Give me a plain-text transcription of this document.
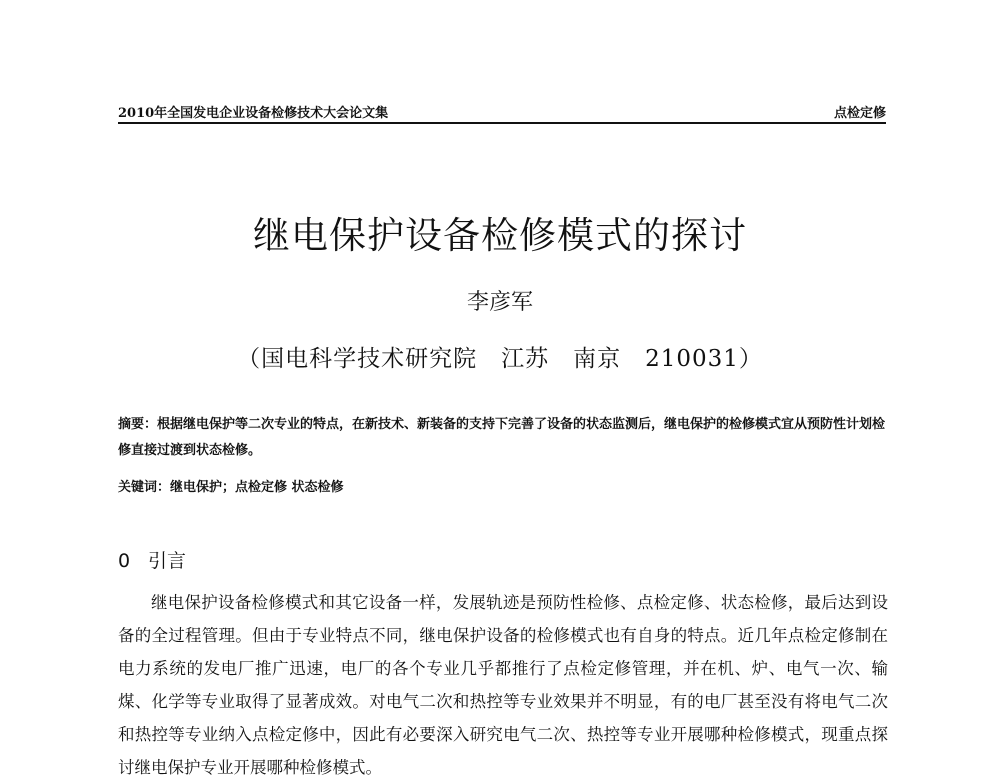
2010年全国发电企业设备检修技术大会论文集	点检定修
继电保护设备检修模式的探讨
李彦军
（国电科学技术研究院　江苏　南京　210031）
摘要：根据继电保护等二次专业的特点，在新技术、新装备的支持下完善了设备的状态监测后，继电保护的检修模式宜从预防性计划检修直接过渡到状态检修。
关键词：继电保护；点检定修 状态检修
0 引言
继电保护设备检修模式和其它设备一样，发展轨迹是预防性检修、点检定修、状态检修，最后达到设备的全过程管理。但由于专业特点不同，继电保护设备的检修模式也有自身的特点。近几年点检定修制在电力系统的发电厂推广迅速，电厂的各个专业几乎都推行了点检定修管理，并在机、炉、电气一次、输煤、化学等专业取得了显著成效。对电气二次和热控等专业效果并不明显，有的电厂甚至没有将电气二次和热控等专业纳入点检定修中，因此有必要深入研究电气二次、热控等专业开展哪种检修模式，现重点探讨继电保护专业开展哪种检修模式。
